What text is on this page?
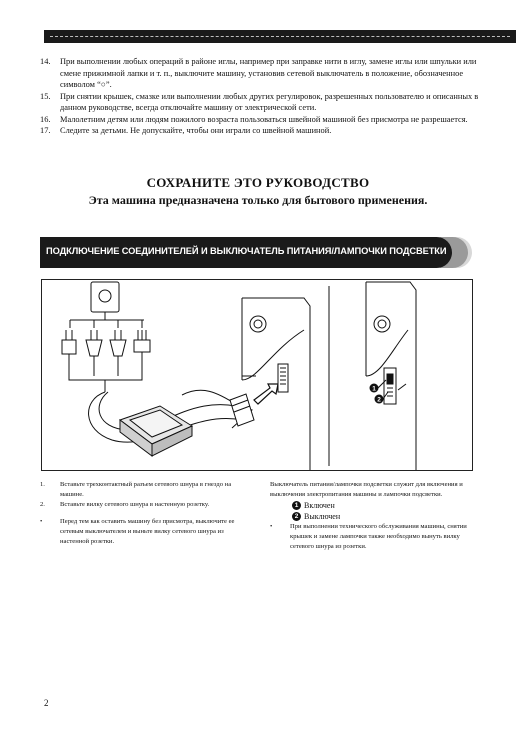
14.	При выполнении любых операций в районе иглы, например при заправке нити в иглу, замене иглы или шпульки или смене прижимной лапки и т. п., выключите машину, установив сетевой выключатель в положение, обозначенное символом “○”.
15.	При снятии крышек, смазке или выполнении любых других регулировок, разрешенных пользователю и описанных в данном руководстве, всегда отключайте машину от электрической сети.
16.	Малолетним детям или людям пожилого возраста пользоваться швейной машиной без присмотра не разрешается.
17.	Следите за детьми. Не допускайте, чтобы они играли со швейной машиной.
СОХРАНИТЕ ЭТО РУКОВОДСТВО
Эта машина предназначена только для бытового применения.
ПОДКЛЮЧЕНИЕ СОЕДИНИТЕЛЕЙ И ВЫКЛЮЧАТЕЛЬ ПИТАНИЯ/ЛАМПОЧКИ ПОДСВЕТКИ
1
2
1.	Вставьте трехконтактный разъем сетевого шнура в гнездо на машине.
2.	Вставьте вилку сетевого шнура в настенную розетку.
•	Перед тем как оставить машину без присмотра, выключите ее сетевым выключателем и выньте вилку сетевого шнура из настенной розетки.
Выключатель питания/лампочки подсветки служит для включения и выключения электропитания машины и лампочки подсветки.
1 Включен
2 Выключен
•	При выполнении технического обслуживания машины, снятии крышек и замене лампочки также необходимо вынуть вилку сетевого шнура из розетки.
2
